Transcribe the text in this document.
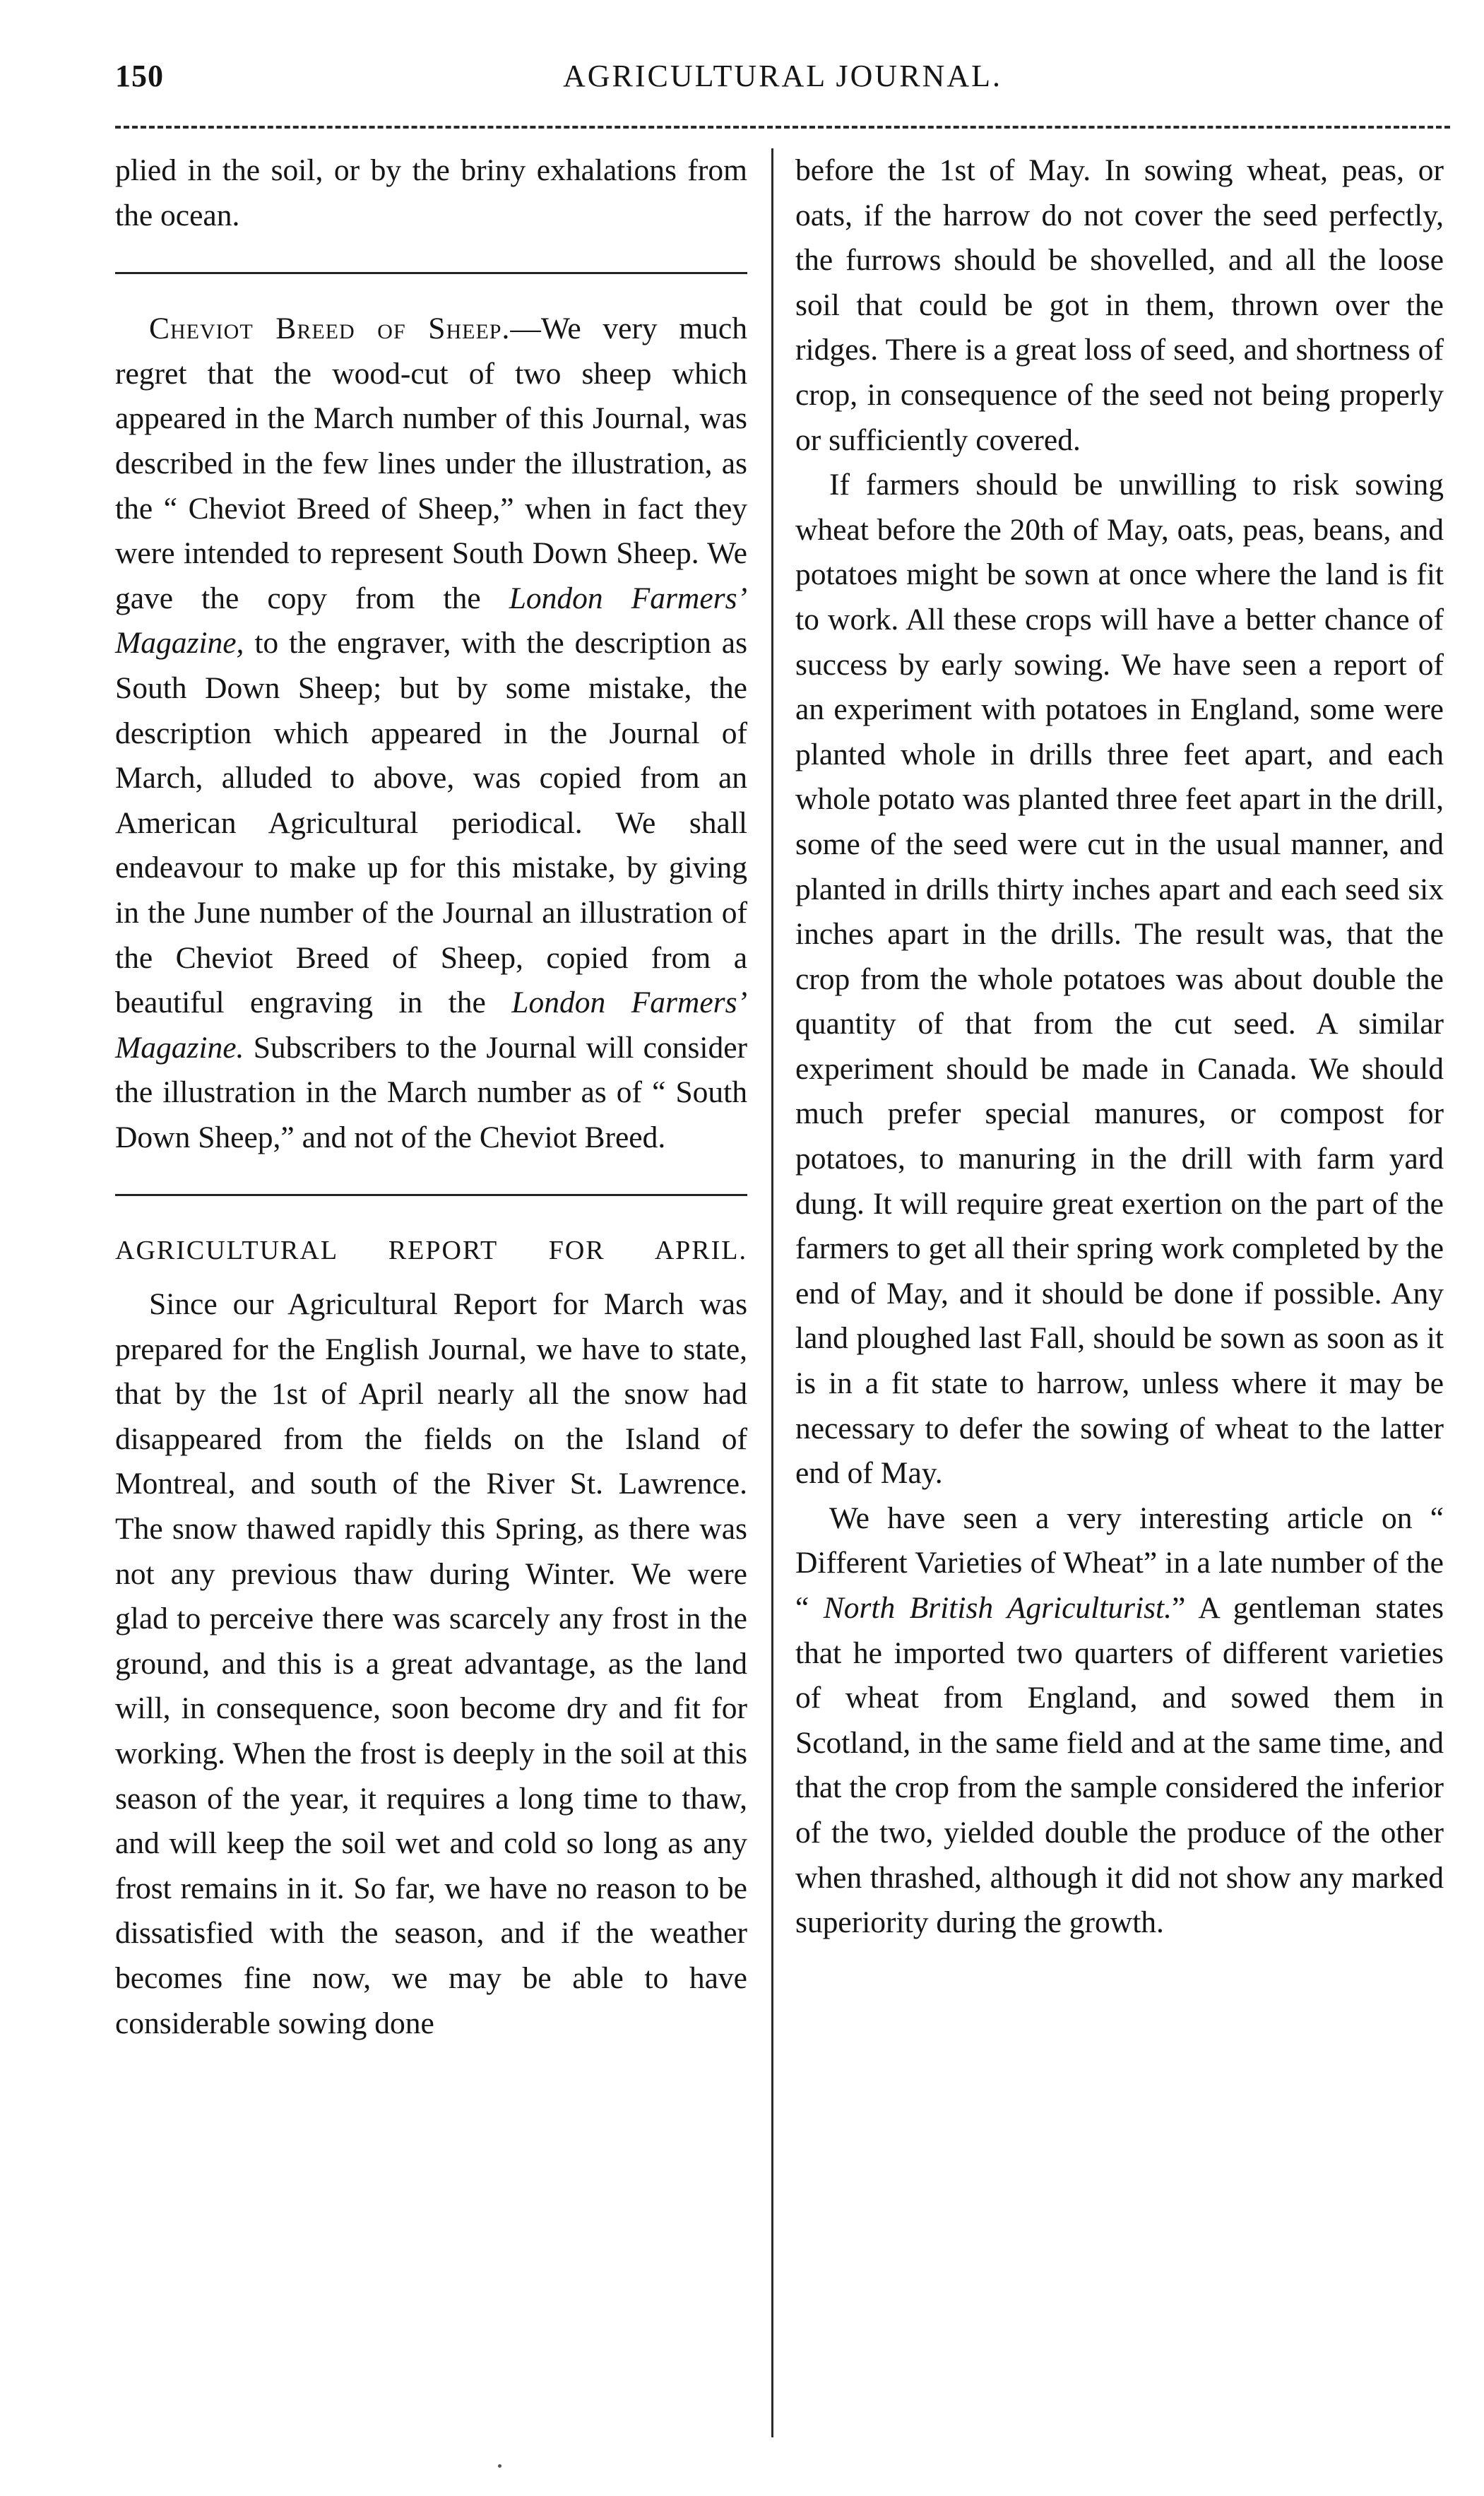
150	AGRICULTURAL JOURNAL.

plied in the soil, or by the briny exhalations from the ocean.

Cheviot Breed of Sheep.—We very much regret that the wood-cut of two sheep which appeared in the March number of this Journal, was described in the few lines under the illustration, as the “ Cheviot Breed of Sheep,” when in fact they were intended to represent South Down Sheep. We gave the copy from the London Farmers’ Magazine, to the engraver, with the description as South Down Sheep; but by some mistake, the description which appeared in the Journal of March, alluded to above, was copied from an American Agricultural periodical. We shall endeavour to make up for this mistake, by giving in the June number of the Journal an illustration of the Cheviot Breed of Sheep, copied from a beautiful engraving in the London Farmers’ Magazine. Subscribers to the Journal will consider the illustration in the March number as of “ South Down Sheep,” and not of the Cheviot Breed.

AGRICULTURAL REPORT FOR APRIL.

Since our Agricultural Report for March was prepared for the English Journal, we have to state, that by the 1st of April nearly all the snow had disappeared from the fields on the Island of Montreal, and south of the River St. Lawrence. The snow thawed rapidly this Spring, as there was not any previous thaw during Winter. We were glad to perceive there was scarcely any frost in the ground, and this is a great advantage, as the land will, in consequence, soon become dry and fit for working. When the frost is deeply in the soil at this season of the year, it requires a long time to thaw, and will keep the soil wet and cold so long as any frost remains in it. So far, we have no reason to be dissatisfied with the season, and if the weather becomes fine now, we may be able to have considerable sowing done

before the 1st of May. In sowing wheat, peas, or oats, if the harrow do not cover the seed perfectly, the furrows should be shovelled, and all the loose soil that could be got in them, thrown over the ridges. There is a great loss of seed, and shortness of crop, in consequence of the seed not being properly or sufficiently covered.

If farmers should be unwilling to risk sowing wheat before the 20th of May, oats, peas, beans, and potatoes might be sown at once where the land is fit to work. All these crops will have a better chance of success by early sowing. We have seen a report of an experiment with potatoes in England, some were planted whole in drills three feet apart, and each whole potato was planted three feet apart in the drill, some of the seed were cut in the usual manner, and planted in drills thirty inches apart and each seed six inches apart in the drills. The result was, that the crop from the whole potatoes was about double the quantity of that from the cut seed. A similar experiment should be made in Canada. We should much prefer special manures, or compost for potatoes, to manuring in the drill with farm yard dung. It will require great exertion on the part of the farmers to get all their spring work completed by the end of May, and it should be done if possible. Any land ploughed last Fall, should be sown as soon as it is in a fit state to harrow, unless where it may be necessary to defer the sowing of wheat to the latter end of May.

We have seen a very interesting article on “ Different Varieties of Wheat” in a late number of the “ North British Agriculturist.” A gentleman states that he imported two quarters of different varieties of wheat from England, and sowed them in Scotland, in the same field and at the same time, and that the crop from the sample considered the inferior of the two, yielded double the produce of the other when thrashed, although it did not show any marked superiority during the growth.
